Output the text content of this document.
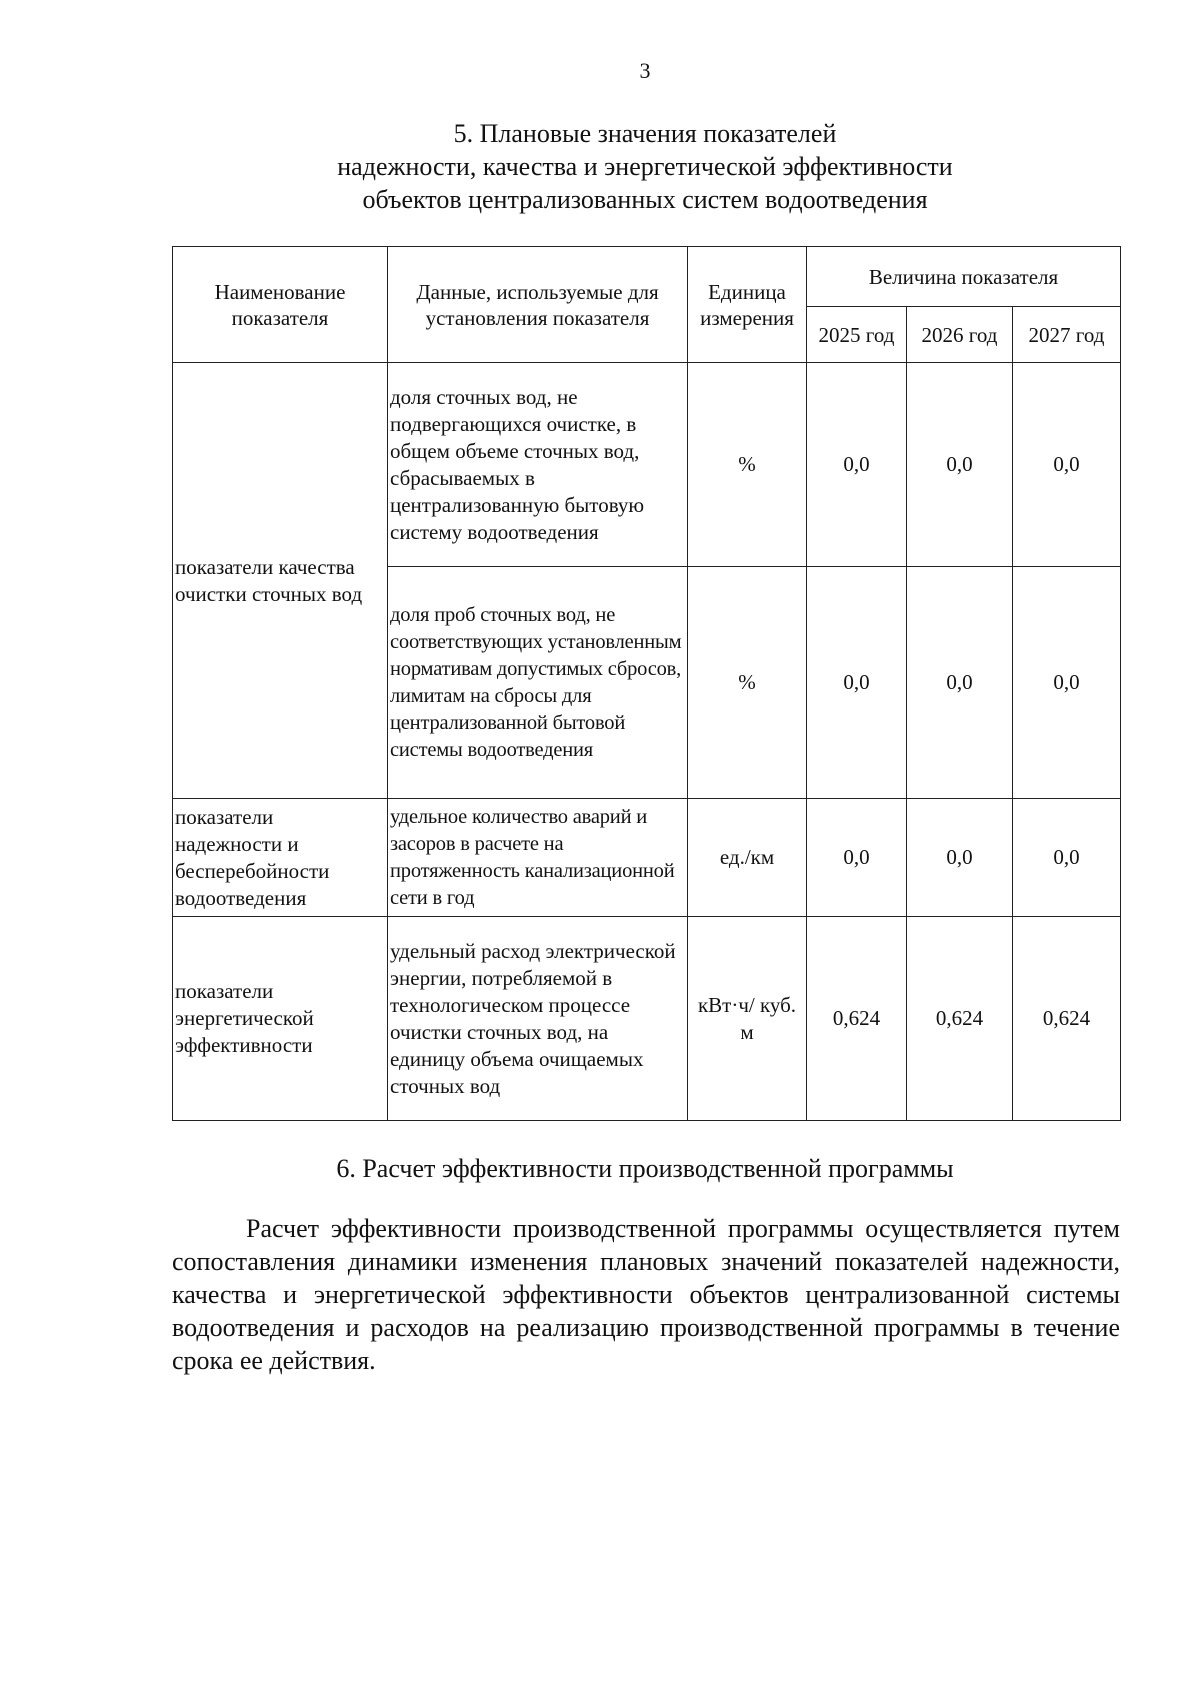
3
5. Плановые значения показателей
надежности, качества и энергетической эффективности
объектов централизованных систем водоотведения
Наименование показателя	Данные, используемые для установления показателя	Единица измерения	Величина показателя		
			2025 год	2026 год	2027 год
показатели качества очистки сточных вод	доля сточных вод, не подвергающихся очистке, в общем объеме сточных вод, сбрасываемых в централизованную бытовую систему водоотведения	%	0,0	0,0	0,0
	доля проб сточных вод, не соответствующих установленным нормативам допустимых сбросов, лимитам на сбросы для централизованной бытовой системы водоотведения	%	0,0	0,0	0,0
показатели надежности и бесперебойности водоотведения	удельное количество аварий и засоров в расчете на протяженность канализационной сети в год	ед./км	0,0	0,0	0,0
показатели энергетической эффективности	удельный расход электрической энергии, потребляемой в технологическом процессе очистки сточных вод, на единицу объема очищаемых сточных вод	кВт·ч/ куб. м	0,624	0,624	0,624
6. Расчет эффективности производственной программы

Расчет эффективности производственной программы осуществляется путем сопоставления динамики изменения плановых значений показателей надежности, качества и энергетической эффективности объектов централизованной системы водоотведения и расходов на реализацию производственной программы в течение срока ее действия.
